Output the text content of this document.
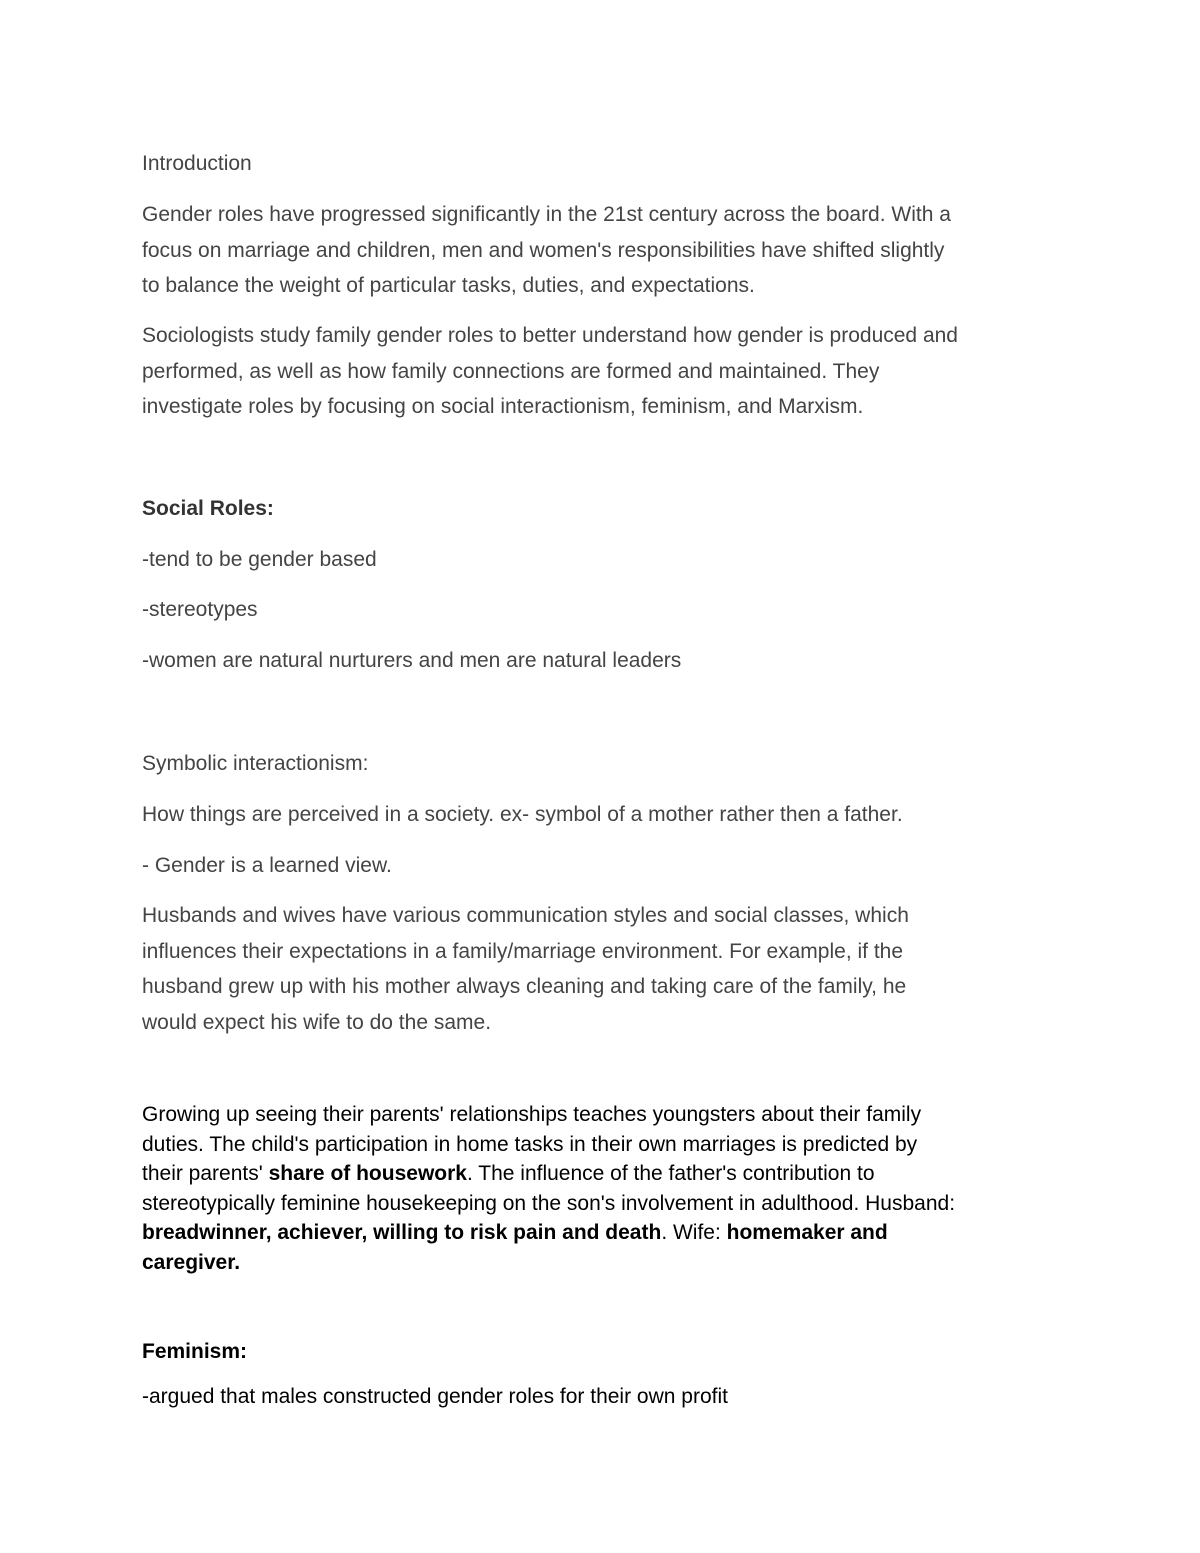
Introduction

Gender roles have progressed significantly in the 21st century across the board. With a
focus on marriage and children, men and women's responsibilities have shifted slightly
to balance the weight of particular tasks, duties, and expectations.

Sociologists study family gender roles to better understand how gender is produced and
performed, as well as how family connections are formed and maintained. They
investigate roles by focusing on social interactionism, feminism, and Marxism.

Social Roles:

-tend to be gender based

-stereotypes

-women are natural nurturers and men are natural leaders

Symbolic interactionism:

How things are perceived in a society. ex- symbol of a mother rather then a father.

- Gender is a learned view.

Husbands and wives have various communication styles and social classes, which
influences their expectations in a family/marriage environment. For example, if the
husband grew up with his mother always cleaning and taking care of the family, he
would expect his wife to do the same.

Growing up seeing their parents' relationships teaches youngsters about their family
duties. The child's participation in home tasks in their own marriages is predicted by
their parents' share of housework. The influence of the father's contribution to
stereotypically feminine housekeeping on the son's involvement in adulthood. Husband:
breadwinner, achiever, willing to risk pain and death. Wife: homemaker and
caregiver.

Feminism:

-argued that males constructed gender roles for their own profit
